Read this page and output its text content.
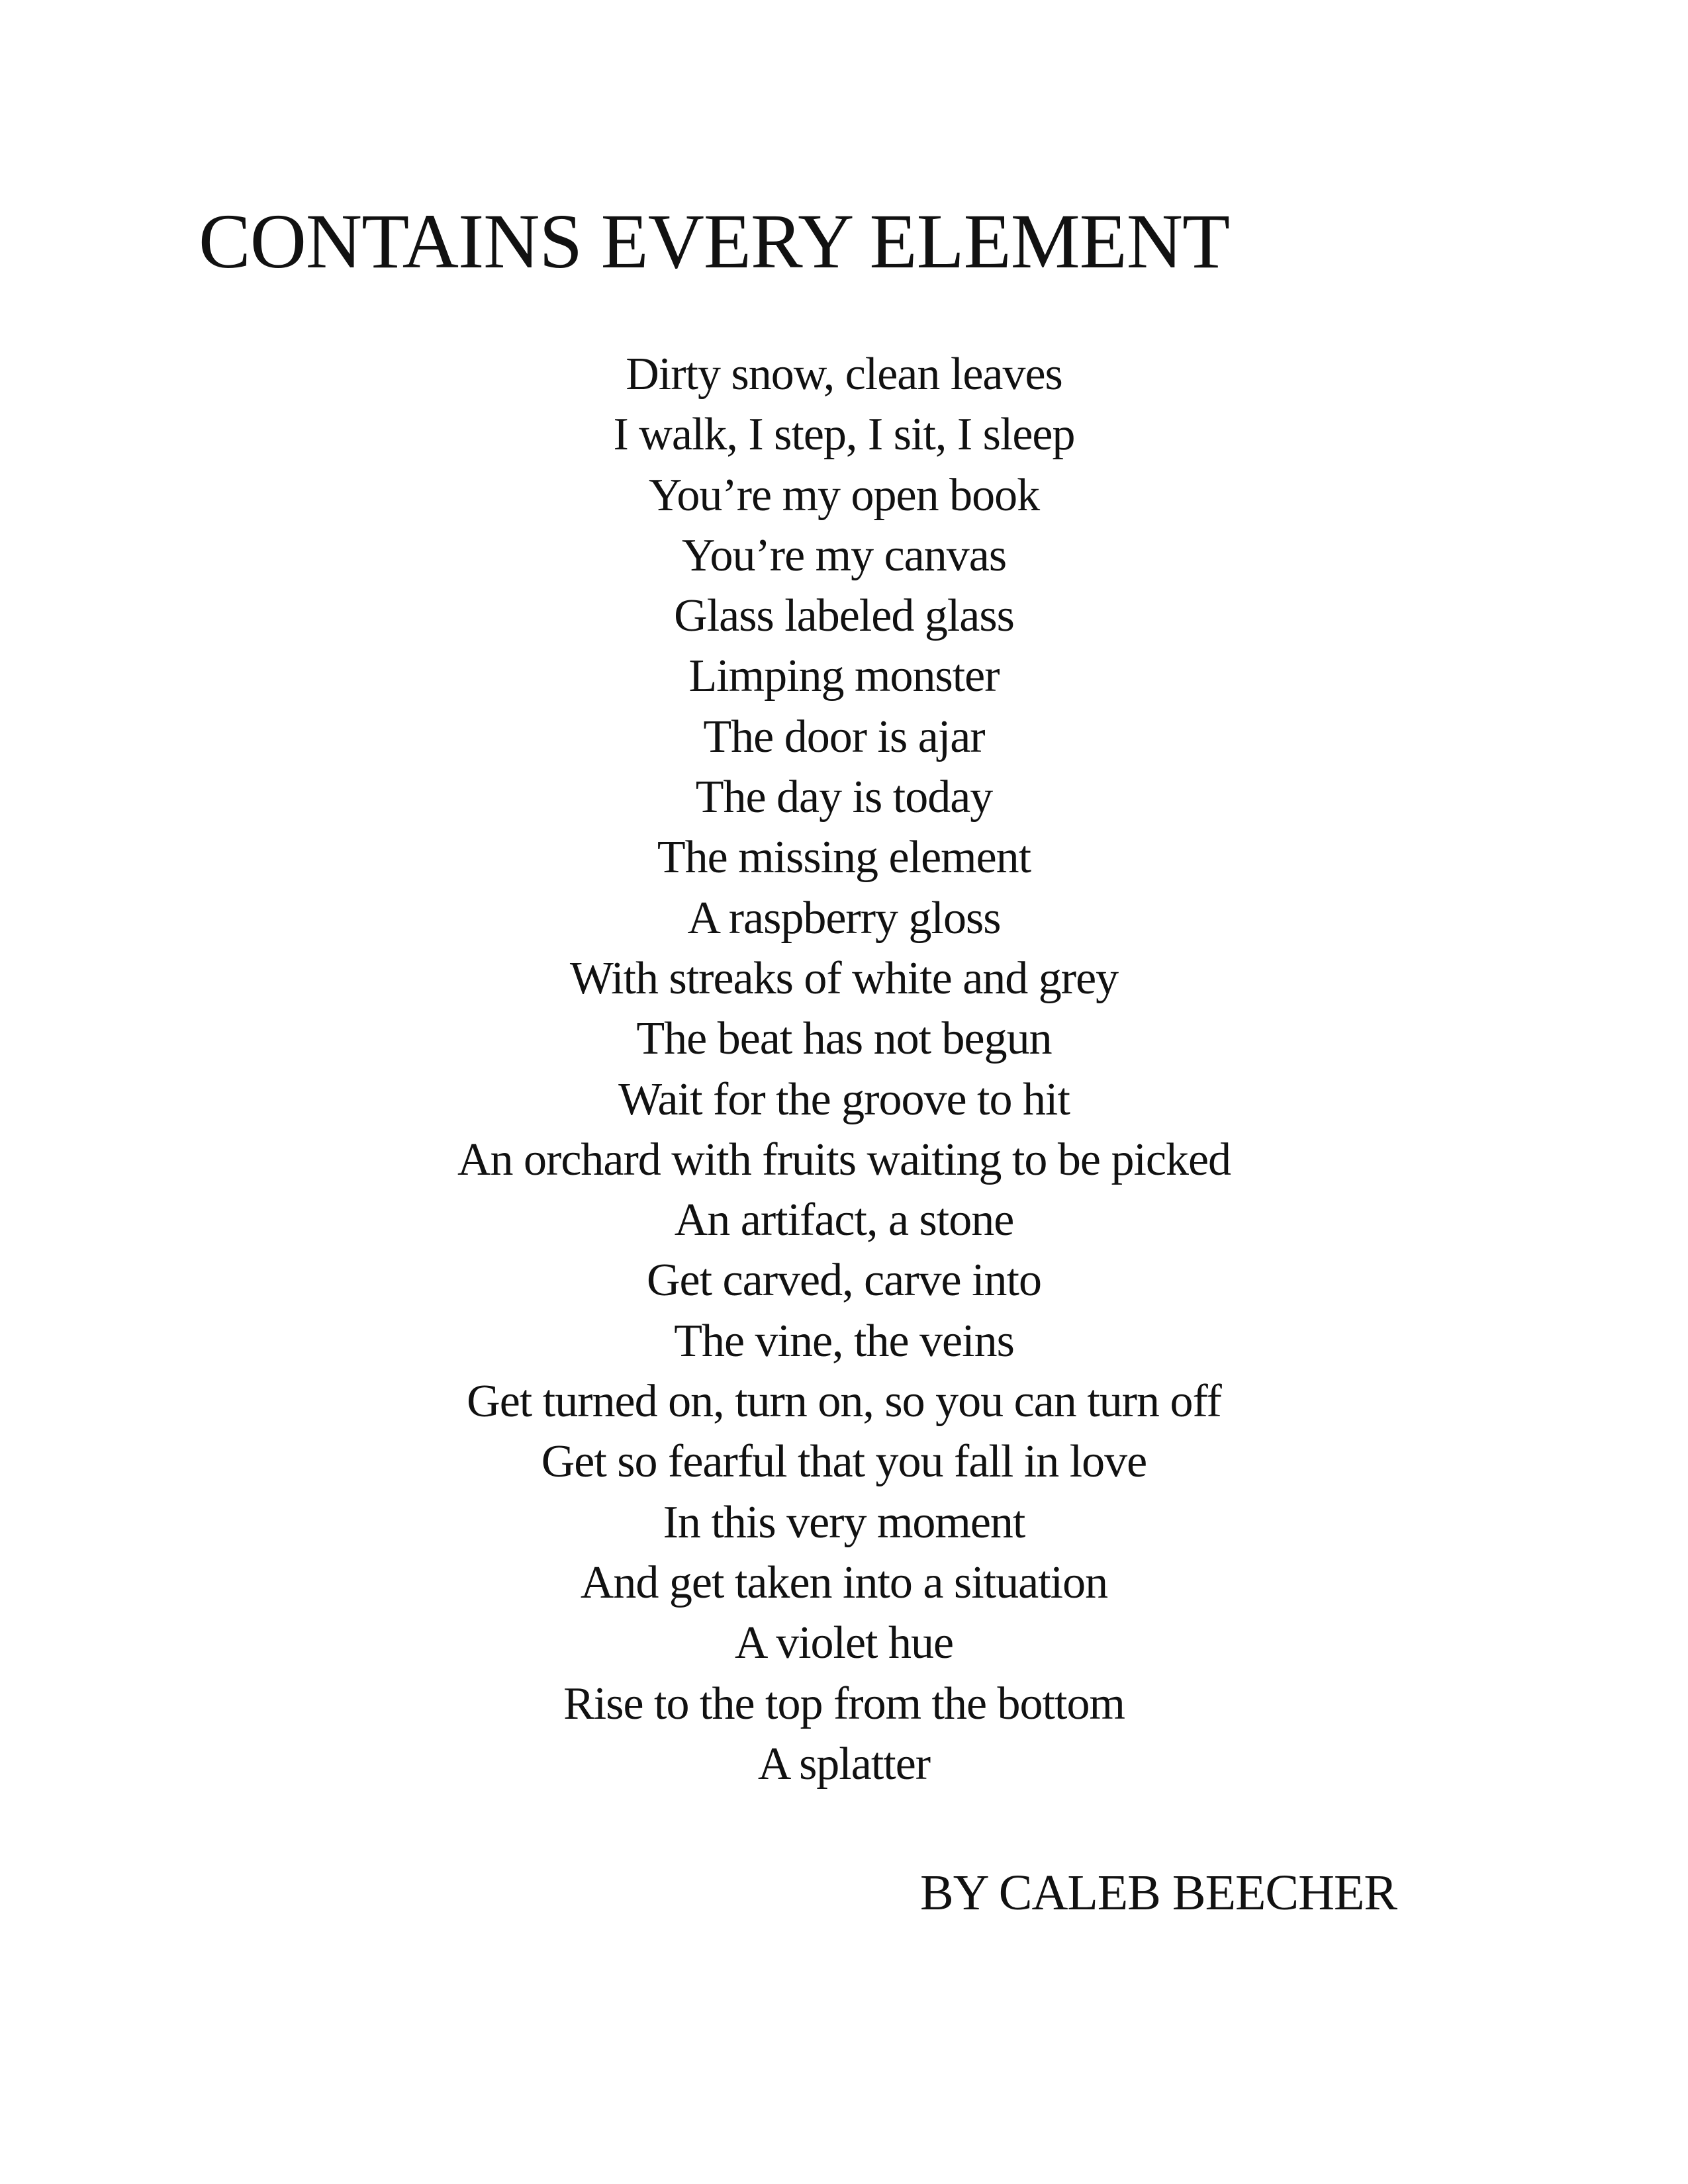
CONTAINS EVERY ELEMENT
Dirty snow, clean leaves
I walk, I step, I sit, I sleep
You’re my open book
You’re my canvas
Glass labeled glass
Limping monster
The door is ajar
The day is today
The missing element
A raspberry gloss
With streaks of white and grey
The beat has not begun
Wait for the groove to hit
An orchard with fruits waiting to be picked
An artifact, a stone
Get carved, carve into
The vine, the veins
Get turned on, turn on, so you can turn off
Get so fearful that you fall in love
In this very moment
And get taken into a situation
A violet hue
Rise to the top from the bottom
A splatter

BY CALEB BEECHER
